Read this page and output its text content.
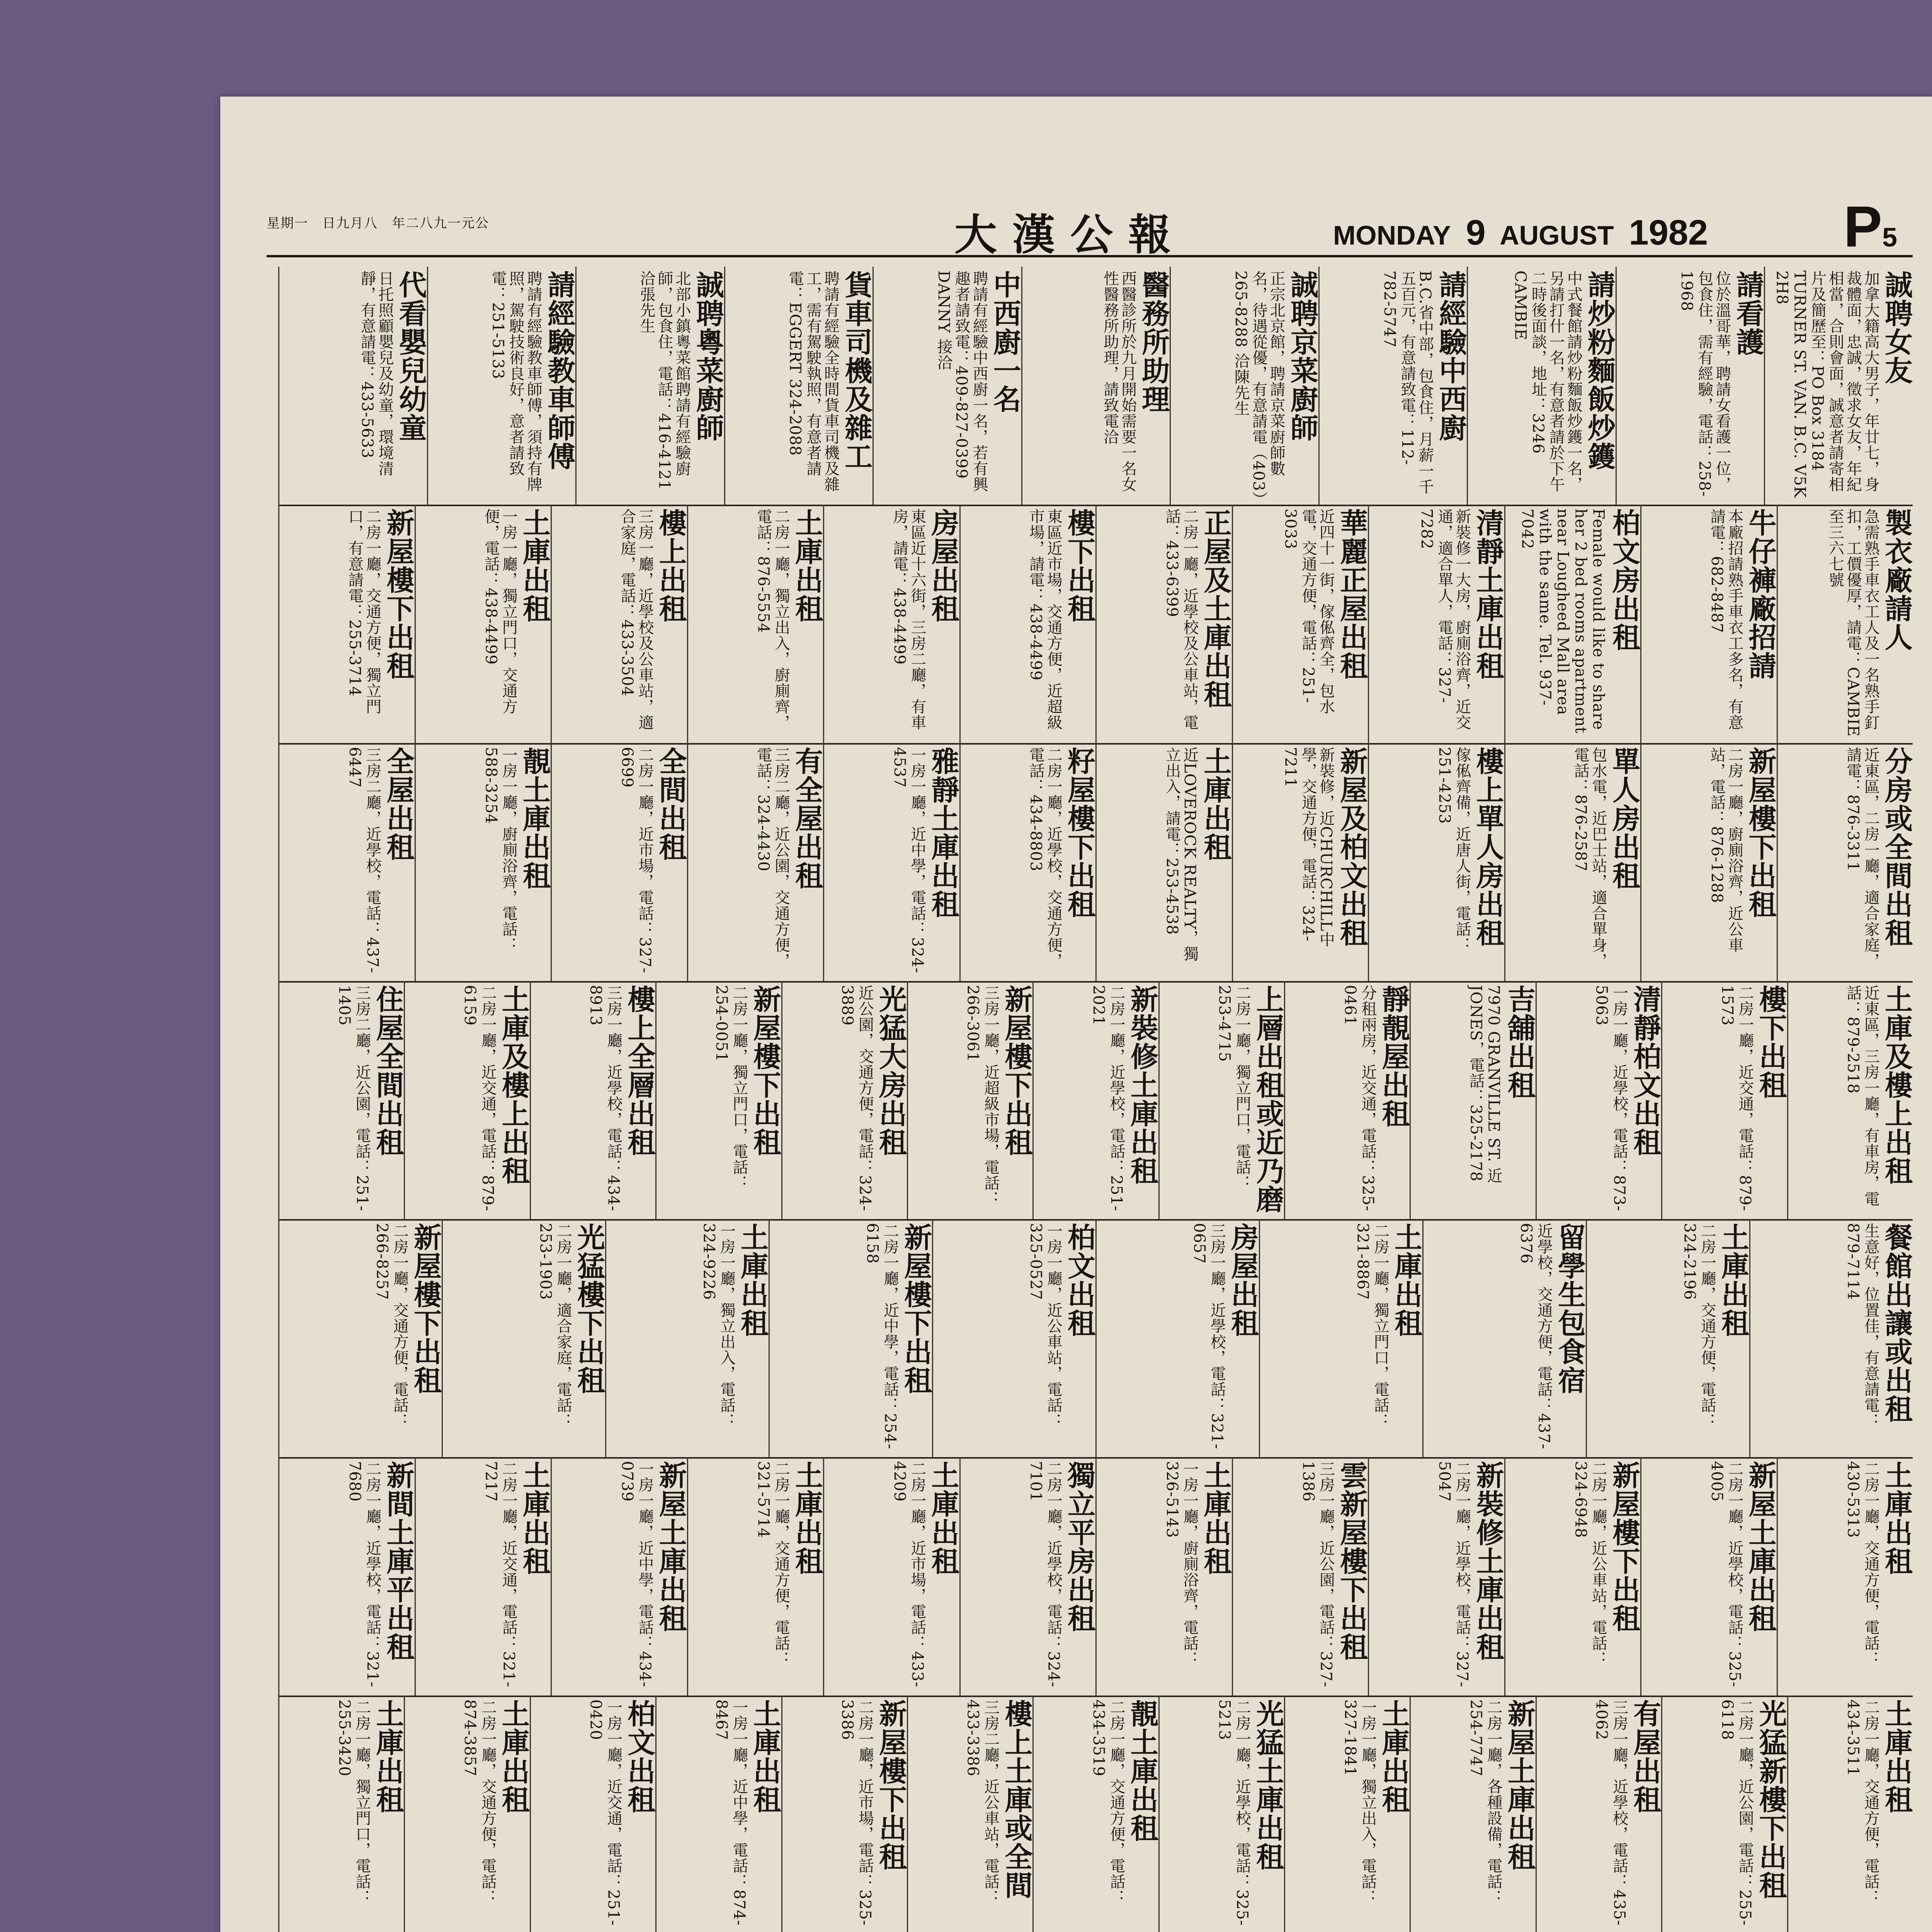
星期一　日九月八　年二八九一元公	大漢公報	MONDAY 9 AUGUST 1982 P5
誠聘女友
加拿大籍高大男子，年廿七，身裁體面，忠誠，徵求女友，年紀相當，合則會面，誠意者請寄相片及簡歷至：PO Box 3184 TURNER ST. VAN. B.C. V5K 2H8
請看護
位於溫哥華，聘請女看護一位，包食住，需有經驗，電話：258-1968
請炒粉麵飯炒鑊
中式餐館請炒粉麵飯炒鑊一名，另請打什一名，有意者請於下午二時後面談，地址：3246 CAMBIE
請經驗中西廚
B.C.省中部，包食住，月薪一千五百元，有意請致電：112-782-5747
誠聘京菜廚師
正宗北京館，聘請京菜廚師數名，待遇從優，有意請電（403）265-8288 洽陳先生
醫務所助理
西醫診所於九月開始需要一名女性醫務所助理，請致電洽
中西廚一名
聘請有經驗中西廚一名，若有興趣者請致電：409-827-0399 DANNY 接洽
貨車司機及雜工
聘請有經驗全時間貨車司機及雜工，需有駕駛執照，有意者請電：EGGERT 324-2088
誠聘粵菜廚師
北部小鎮粵菜館聘請有經驗廚師，包食住，電話：416-4121 洽張先生
請經驗教車師傅
聘請有經驗教車師傅，須持有牌照，駕駛技術良好，意者請致電：251-5133
代看嬰兒幼童
日托照顧嬰兒及幼童，環境清靜，有意請電：433-5633
製衣廠請人
急需熟手車衣工人及一名熟手釘扣，工價優厚，請電：CAMBIE 至三六七號
牛仔褲廠招請
本廠招請熟手車衣工多名，有意請電：682-8487
柏文房出租
Female would like to share her 2 bed rooms apartment near Lougheed Mall area with the same. Tel. 937-7042
清靜土庫出租
新裝修一大房，廚廁浴齊，近交通，適合單人，電話：327-7282
華麗正屋出租
近四十一街，傢俬齊全，包水電，交通方便，電話：251-3033
正屋及土庫出租
二房一廳，近學校及公車站，電話：433-6399
樓下出租
東區近市場，交通方便，近超級市場，請電：438-4499
房屋出租
東區近十六街，三房二廳，有車房，請電：438-4499
土庫出租
二房一廳，獨立出入，廚廁齊，電話：876-5554
樓上出租
三房一廳，近學校及公車站，適合家庭，電話：433-3504
土庫出租
一房一廳，獨立門口，交通方便，電話：438-4499
新屋樓下出租
二房一廳，交通方便，獨立門口，有意請電：255-3714
分房或全間出租
近東區，二房一廳，適合家庭，請電：876-3311
新屋樓下出租
二房一廳，廚廁浴齊，近公車站，電話：876-1288
單人房出租
包水電，近巴士站，適合單身，電話：876-2587
樓上單人房出租
傢俬齊備，近唐人街，電話：251-4253
新屋及柏文出租
新裝修，近CHURCHILL中學，交通方便，電話：324-7211
土庫出租
近LOVEROCK REALTY，獨立出入，請電：253-4538
籽屋樓下出租
二房一廳，近學校，交通方便，電話：434-8803
雅靜土庫出租
一房一廳，近中學，電話：324-4537
有全屋出租
三房二廳，近公園，交通方便，電話：324-4430
全間出租
二房一廳，近市場，電話：327-6699
靚土庫出租
一房一廳，廚廁浴齊，電話：588-3254
全屋出租
三房二廳，近學校，電話：437-6447
土庫及樓上出租
近東區，三房一廳，有車房，電話：879-2518
樓下出租
二房一廳，近交通，電話：879-1573
清靜柏文出租
一房一廳，近學校，電話：873-5063
吉舖出租
7970 GRANVILLE ST. 近 JONES，電話：325-2178
靜靚屋出租
分租兩房，近交通，電話：325-0461
上層出租或近乃磨
二房一廳，獨立門口，電話：253-4715
新裝修土庫出租
二房一廳，近學校，電話：251-2021
新屋樓下出租
三房一廳，近超級市場，電話：266-3061
光猛大房出租
近公園，交通方便，電話：324-3889
新屋樓下出租
二房一廳，獨立門口，電話：254-0051
樓上全層出租
三房一廳，近學校，電話：434-8913
土庫及樓上出租
二房一廳，近交通，電話：879-6159
住屋全間出租
三房二廳，近公園，電話：251-1405
餐館出讓或出租
生意好，位置佳，有意請電：879-7114
土庫出租
二房一廳，交通方便，電話：324-2196
留學生包食宿
近學校，交通方便，電話：437-6376
土庫出租
二房一廳，獨立門口，電話：321-8867
房屋出租
三房一廳，近學校，電話：321-0657
柏文出租
一房一廳，近公車站，電話：325-0527
新屋樓下出租
二房一廳，近中學，電話：254-6158
土庫出租
一房一廳，獨立出入，電話：324-9226
光猛樓下出租
二房一廳，適合家庭，電話：253-1903
新屋樓下出租
二房一廳，交通方便，電話：266-8257
土庫出租
二房一廳，交通方便，電話：430-5313
新屋土庫出租
二房一廳，近學校，電話：325-4005
新屋樓下出租
二房一廳，近公車站，電話：324-6948
新裝修土庫出租
二房一廳，近學校，電話：327-5047
雲新屋樓下出租
三房一廳，近公園，電話：327-1386
土庫出租
一房一廳，廚廁浴齊，電話：326-5143
獨立平房出租
二房一廳，近學校，電話：324-7101
土庫出租
二房一廳，近市場，電話：433-4209
土庫出租
二房一廳，交通方便，電話：321-5714
新屋土庫出租
一房一廳，近中學，電話：434-0739
土庫出租
二房一廳，近交通，電話：321-7217
新間土庫平出租
二房一廳，近學校，電話：321-7680
土庫出租
二房一廳，交通方便，電話：434-3511
光猛新樓下出租
二房一廳，近公園，電話：255-6118
有屋出租
三房一廳，近學校，電話：435-4062
新屋土庫出租
二房一廳，各種設備，電話：254-7747
土庫出租
一房一廳，獨立出入，電話：327-1841
光猛土庫出租
二房一廳，近學校，電話：325-5213
靚土庫出租
二房一廳，交通方便，電話：434-3519
樓上土庫或全間
三房二廳，近公車站，電話：433-3386
新屋樓下出租
二房一廳，近市場，電話：325-3386
土庫出租
一房一廳，近中學，電話：874-8467
柏文出租
一房一廳，近交通，電話：251-0420
土庫出租
二房一廳，交通方便，電話：874-3857
土庫出租
二房一廳，獨立門口，電話：255-3420
